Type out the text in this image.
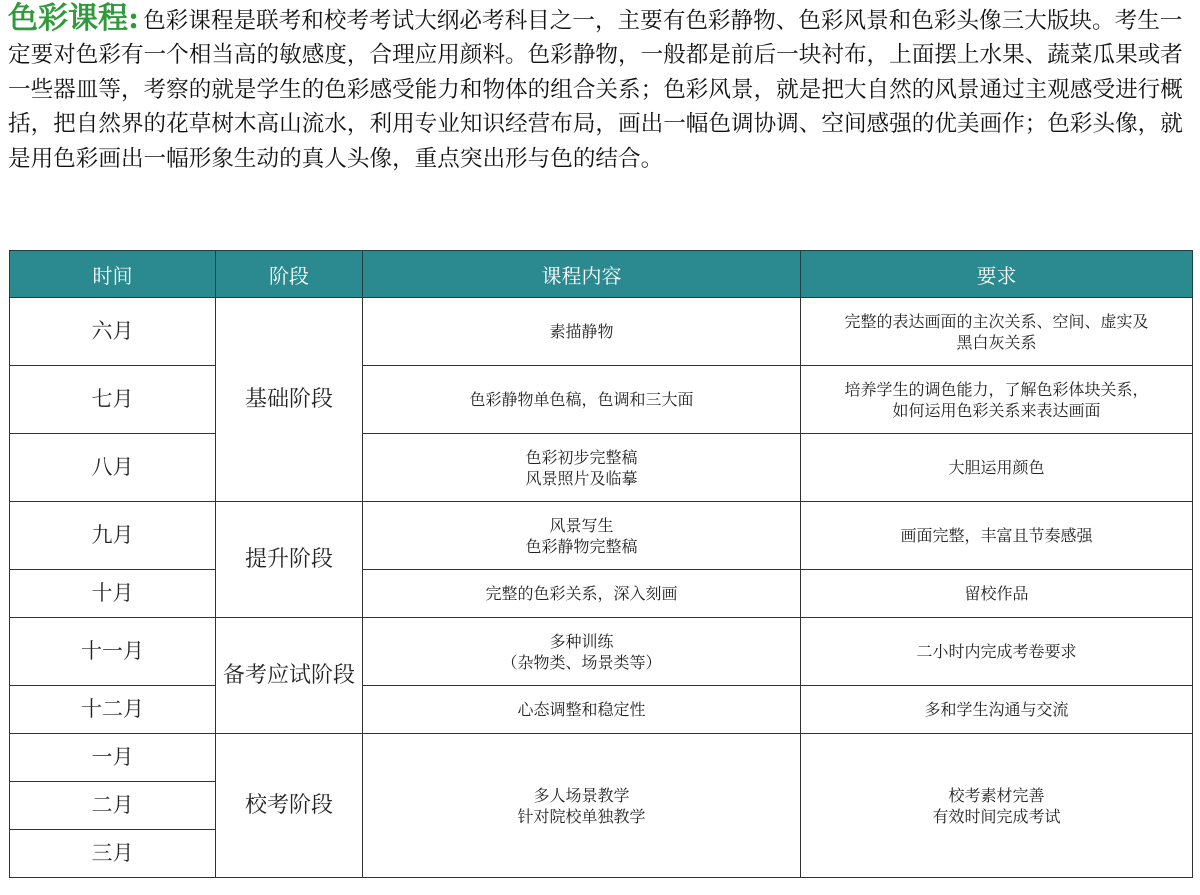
色彩课程: 色彩课程是联考和校考考试大纲必考科目之一，主要有色彩静物、色彩风景和色彩头像三大版块。考生一定要对色彩有一个相当高的敏感度，合理应用颜料。色彩静物，一般都是前后一块衬布，上面摆上水果、蔬菜瓜果或者一些器皿等，考察的就是学生的色彩感受能力和物体的组合关系；色彩风景，就是把大自然的风景通过主观感受进行概括，把自然界的花草树木高山流水，利用专业知识经营布局，画出一幅色调协调、空间感强的优美画作；色彩头像，就是用色彩画出一幅形象生动的真人头像，重点突出形与色的结合。
时间	阶段	课程内容	要求
六月	基础阶段	素描静物	完整的表达画面的主次关系、空间、虚实及
黑白灰关系

七月		色彩静物单色稿，色调和三大面	培养学生的调色能力，了解色彩体块关系，
如何运用色彩关系来表达画面

八月		色彩初步完整稿
风景照片及临摹	大胆运用颜色

九月	提升阶段	风景写生
色彩静物完整稿	画面完整，丰富且节奏感强

十月		完整的色彩关系，深入刻画	留校作品

十一月	备考应试阶段	多种训练
（杂物类、场景类等）	二小时内完成考卷要求

十二月		心态调整和稳定性	多和学生沟通与交流

一月	校考阶段	多人场景教学
针对院校单独教学	校考素材完善
有效时间完成考试

二月			
三月			
